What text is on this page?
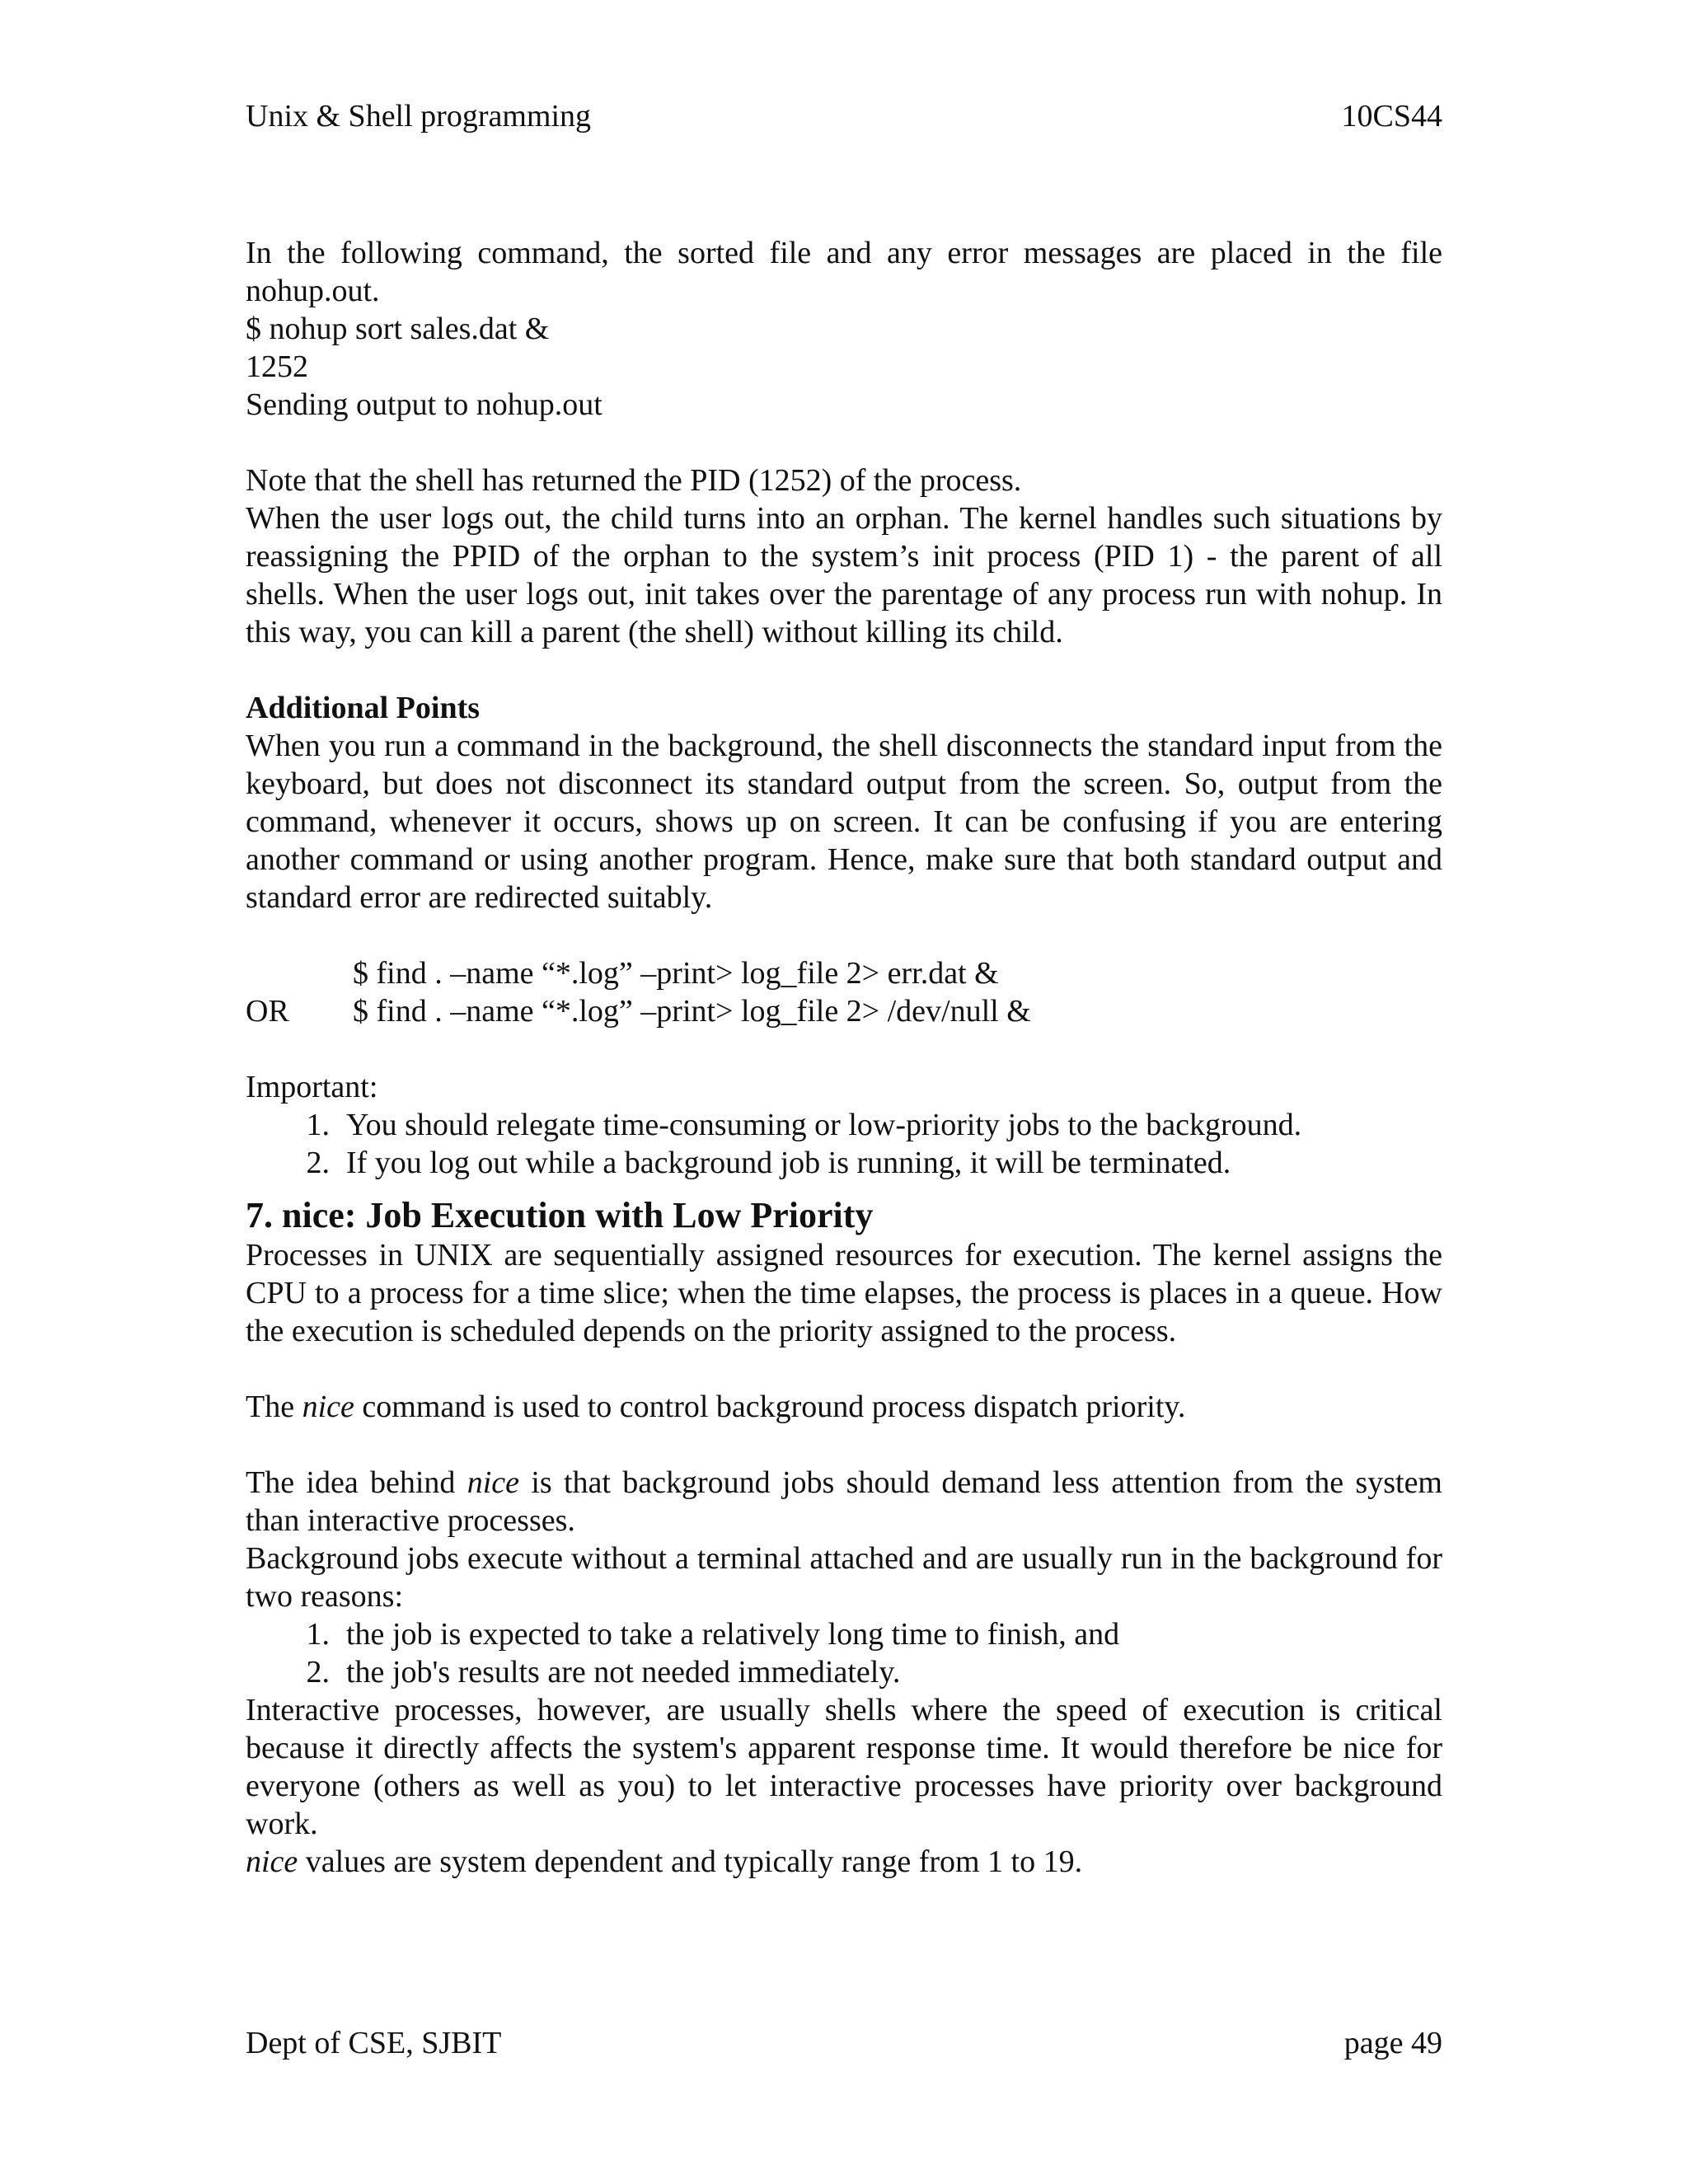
Unix & Shell programming	10CS44
In the following command, the sorted file and any error messages are placed in the file nohup.out.
$ nohup sort sales.dat &
1252
Sending output to nohup.out
Note that the shell has returned the PID (1252) of the process.
When the user logs out, the child turns into an orphan. The kernel handles such situations by reassigning the PPID of the orphan to the system’s init process (PID 1) - the parent of all shells. When the user logs out, init takes over the parentage of any process run with nohup. In this way, you can kill a parent (the shell) without killing its child.
Additional Points
When you run a command in the background, the shell disconnects the standard input from the keyboard, but does not disconnect its standard output from the screen. So, output from the command, whenever it occurs, shows up on screen. It can be confusing if you are entering another command or using another program. Hence, make sure that both standard output and standard error are redirected suitably.
$ find . –name “*.log” –print> log_file 2> err.dat &
OR	$ find . –name “*.log” –print> log_file 2> /dev/null &
Important:
1. You should relegate time-consuming or low-priority jobs to the background.
2. If you log out while a background job is running, it will be terminated.
7. nice: Job Execution with Low Priority
Processes in UNIX are sequentially assigned resources for execution. The kernel assigns the CPU to a process for a time slice; when the time elapses, the process is places in a queue. How the execution is scheduled depends on the priority assigned to the process.
The nice command is used to control background process dispatch priority.
The idea behind nice is that background jobs should demand less attention from the system than interactive processes.
Background jobs execute without a terminal attached and are usually run in the background for two reasons:
1. the job is expected to take a relatively long time to finish, and
2. the job's results are not needed immediately.
Interactive processes, however, are usually shells where the speed of execution is critical because it directly affects the system's apparent response time. It would therefore be nice for everyone (others as well as you) to let interactive processes have priority over background work.
nice values are system dependent and typically range from 1 to 19.
Dept of CSE, SJBIT	page 49
